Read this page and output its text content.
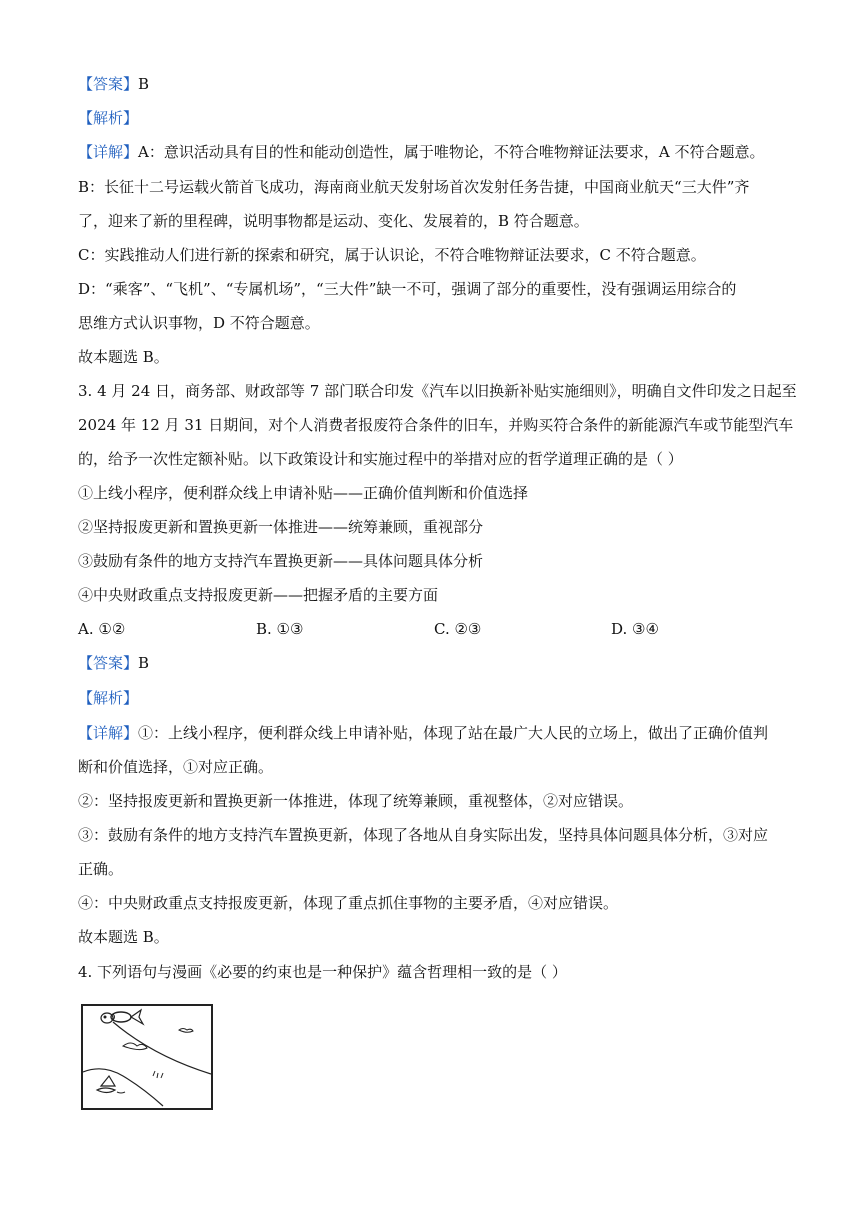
【答案】B
【解析】
【详解】A：意识活动具有目的性和能动创造性，属于唯物论，不符合唯物辩证法要求，A 不符合题意。
B：长征十二号运载火箭首飞成功，海南商业航天发射场首次发射任务告捷，中国商业航天“三大件”齐
了，迎来了新的里程碑，说明事物都是运动、变化、发展着的，B 符合题意。
C：实践推动人们进行新的探索和研究，属于认识论，不符合唯物辩证法要求，C 不符合题意。
D：“乘客”、“飞机”、“专属机场”，“三大件”缺一不可，强调了部分的重要性，没有强调运用综合的
思维方式认识事物，D 不符合题意。
故本题选 B。
3. 4 月 24 日，商务部、财政部等 7 部门联合印发《汽车以旧换新补贴实施细则》，明确自文件印发之日起至
2024 年 12 月 31 日期间，对个人消费者报废符合条件的旧车，并购买符合条件的新能源汽车或节能型汽车
的，给予一次性定额补贴。以下政策设计和实施过程中的举措对应的哲学道理正确的是（ ）
①上线小程序，便利群众线上申请补贴——正确价值判断和价值选择
②坚持报废更新和置换更新一体推进——统筹兼顾，重视部分
③鼓励有条件的地方支持汽车置换更新——具体问题具体分析
④中央财政重点支持报废更新——把握矛盾的主要方面
A. ①②	B. ①③	C. ②③	D. ③④
【答案】B
【解析】
【详解】①：上线小程序，便利群众线上申请补贴，体现了站在最广大人民的立场上，做出了正确价值判
断和价值选择，①对应正确。
②：坚持报废更新和置换更新一体推进，体现了统筹兼顾，重视整体，②对应错误。
③：鼓励有条件的地方支持汽车置换更新，体现了各地从自身实际出发，坚持具体问题具体分析，③对应
正确。
④：中央财政重点支持报废更新，体现了重点抓住事物的主要矛盾，④对应错误。
故本题选 B。
4. 下列语句与漫画《必要的约束也是一种保护》蕴含哲理相一致的是（ ）
